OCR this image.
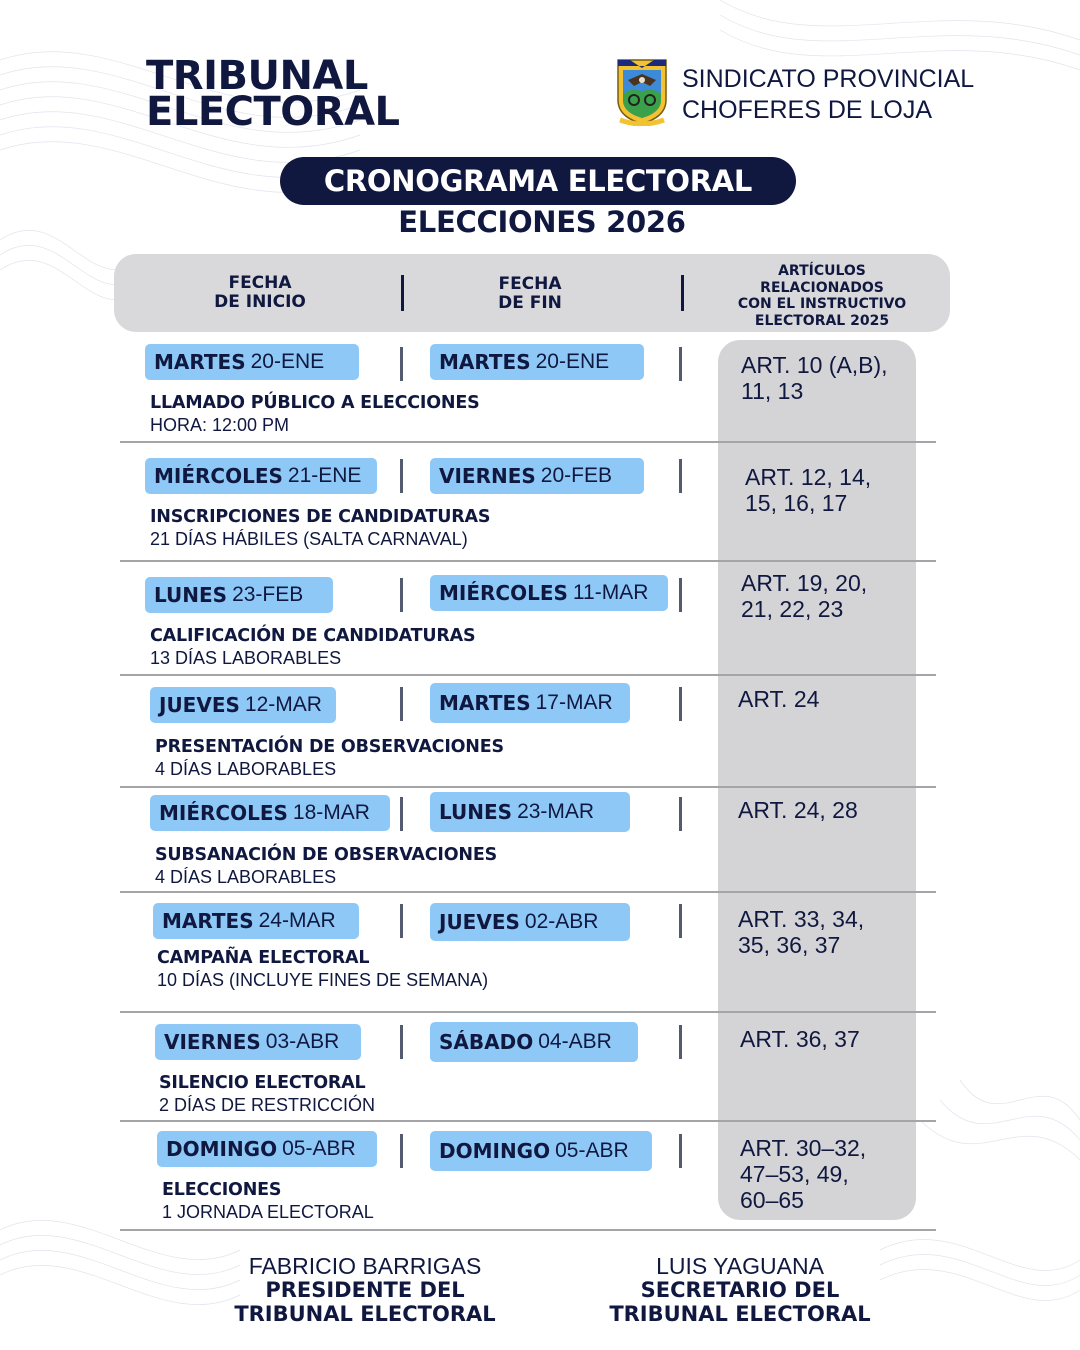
TRIBUNAL
ELECTORAL
SINDICATO PROVINCIAL
CHOFERES DE LOJA
CRONOGRAMA ELECTORAL
ELECCIONES 2026
FECHA
DE INICIO
FECHA
DE FIN
ARTÍCULOS
RELACIONADOS
CON EL INSTRUCTIVO
ELECTORAL 2025
MARTES 20-ENE	MARTES 20-ENE
LLAMADO PÚBLICO A ELECCIONES
HORA: 12:00 PM
ART. 10 (A,B),
11, 13
MIÉRCOLES 21-ENE	VIERNES 20-FEB
INSCRIPCIONES DE CANDIDATURAS
21 DÍAS HÁBILES (SALTA CARNAVAL)
ART. 12, 14,
15, 16, 17
LUNES 23-FEB	MIÉRCOLES 11-MAR
CALIFICACIÓN DE CANDIDATURAS
13 DÍAS LABORABLES
ART. 19, 20,
21, 22, 23
JUEVES 12-MAR	MARTES 17-MAR
PRESENTACIÓN DE OBSERVACIONES
4 DÍAS LABORABLES
ART. 24
MIÉRCOLES 18-MAR	LUNES 23-MAR
SUBSANACIÓN DE OBSERVACIONES
4 DÍAS LABORABLES
ART. 24, 28
MARTES 24-MAR	JUEVES 02-ABR
CAMPAÑA ELECTORAL
10 DÍAS (INCLUYE FINES DE SEMANA)
ART. 33, 34,
35, 36, 37
VIERNES 03-ABR	SÁBADO 04-ABR
SILENCIO ELECTORAL
2 DÍAS DE RESTRICCIÓN
ART. 36, 37
DOMINGO 05-ABR	DOMINGO 05-ABR
ELECCIONES
1 JORNADA ELECTORAL
ART. 30–32,
47–53, 49,
60–65
FABRICIO BARRIGAS
PRESIDENTE DEL
TRIBUNAL ELECTORAL
LUIS YAGUANA
SECRETARIO DEL
TRIBUNAL ELECTORAL
